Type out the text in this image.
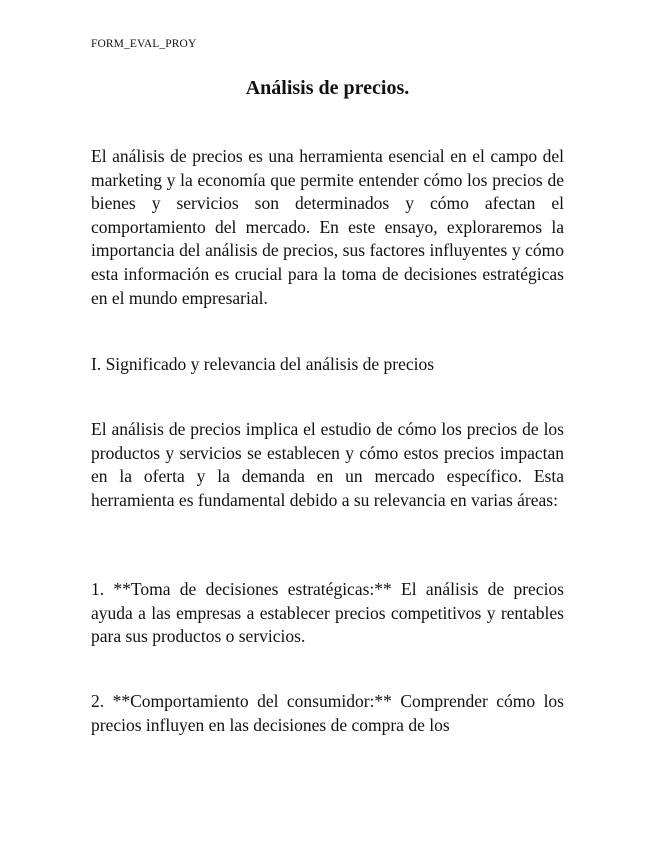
FORM_EVAL_PROY
Análisis de precios.

El análisis de precios es una herramienta esencial en el campo del marketing y la economía que permite entender cómo los precios de bienes y servicios son determinados y cómo afectan el comportamiento del mercado. En este ensayo, exploraremos la importancia del análisis de precios, sus factores influyentes y cómo esta información es crucial para la toma de decisiones estratégicas en el mundo empresarial.

I. Significado y relevancia del análisis de precios

El análisis de precios implica el estudio de cómo los precios de los productos y servicios se establecen y cómo estos precios impactan en la oferta y la demanda en un mercado específico. Esta herramienta es fundamental debido a su relevancia en varias áreas:

1. **Toma de decisiones estratégicas:** El análisis de precios ayuda a las empresas a establecer precios competitivos y rentables para sus productos o servicios.

2. **Comportamiento del consumidor:** Comprender cómo los precios influyen en las decisiones de compra de los
